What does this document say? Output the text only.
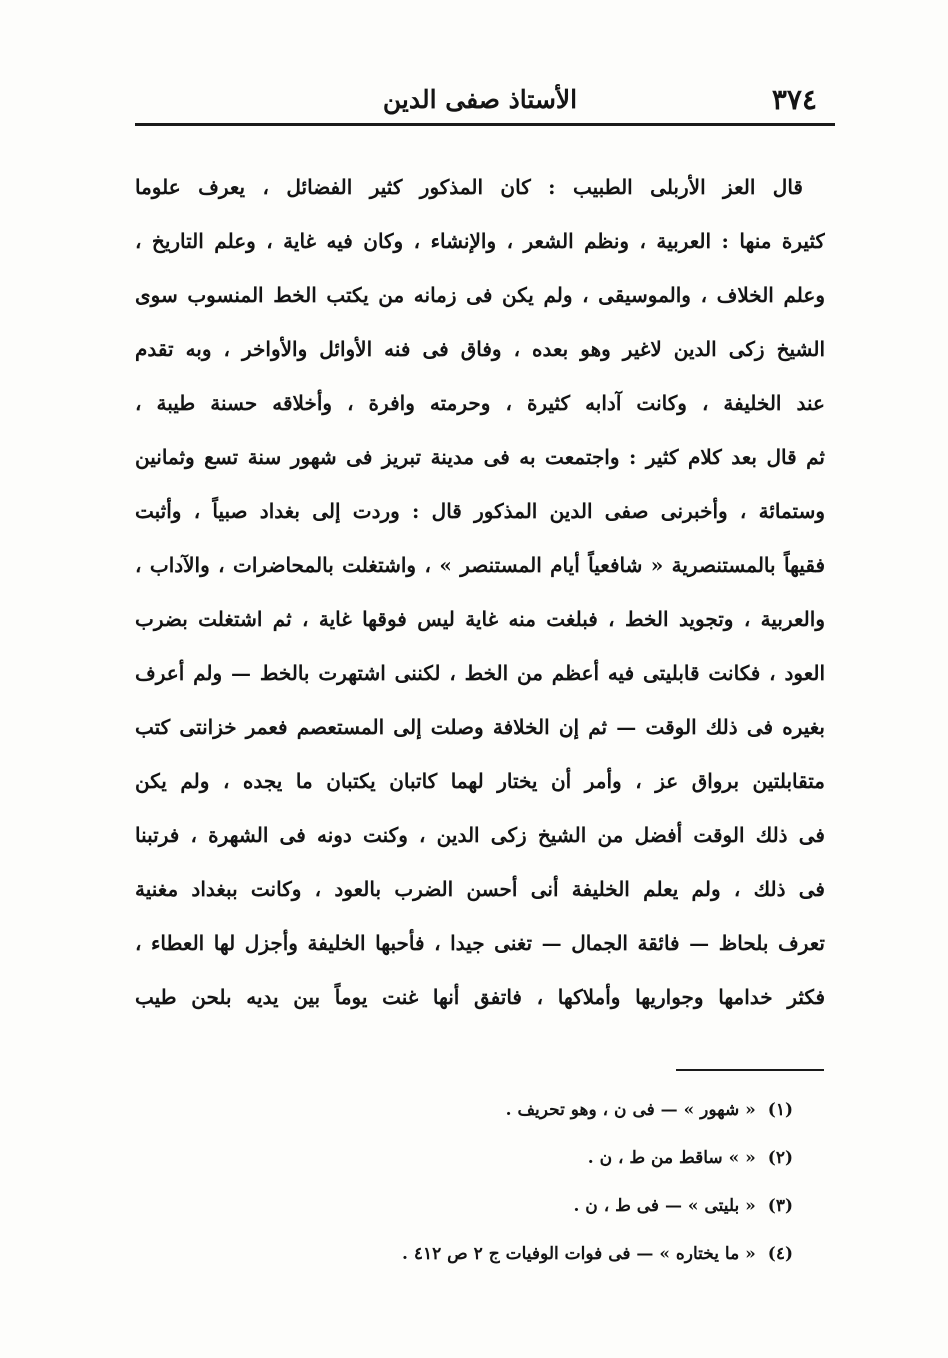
٣٧٤
الأستاذ صفى الدين
قال العز الأربلى الطبيب : كان المذكور كثير الفضائل ، يعرف علوما
كثيرة منها : العربية ، ونظم الشعر ، والإنشاء ، وكان فيه غاية ، وعلم التاريخ ،
وعلم الخلاف ، والموسيقى ، ولم يكن فى زمانه من يكتب الخط المنسوب سوى
الشيخ زكى الدين لاغير وهو بعده ، وفاق فى فنه الأوائل والأواخر ، وبه تقدم
عند الخليفة ، وكانت آدابه كثيرة ، وحرمته وافرة ، وأخلاقه حسنة طيبة ،
ثم قال بعد كلام كثير : واجتمعت به فى مدينة تبريز فى شهور سنة تسع وثمانين
وستمائة ، وأخبرنى صفى الدين المذكور قال : وردت إلى بغداد صبياً ، وأثبت
فقيهاً بالمستنصرية « شافعياً أيام المستنصر » ، واشتغلت بالمحاضرات ، والآداب ،
والعربية ، وتجويد الخط ، فبلغت منه غاية ليس فوقها غاية ، ثم اشتغلت بضرب
العود ، فكانت قابليتى فيه أعظم من الخط ، لكننى اشتهرت بالخط — ولم أعرف
بغيره فى ذلك الوقت — ثم إن الخلافة وصلت إلى المستعصم فعمر خزانتى كتب
متقابلتين برواق عز ، وأمر أن يختار لهما كاتبان يكتبان ما يجده ، ولم يكن
فى ذلك الوقت أفضل من الشيخ زكى الدين ، وكنت دونه فى الشهرة ، فرتبنا
فى ذلك ، ولم يعلم الخليفة أنى أحسن الضرب بالعود ، وكانت ببغداد مغنية
تعرف بلحاظ — فائقة الجمال — تغنى جيدا ، فأحبها الخليفة وأجزل لها العطاء ،
فكثر خدامها وجواريها وأملاكها ، فاتفق أنها غنت يوماً بين يديه بلحن طيب
(١)« شهور » — فى ن ، وهو تحريف .
(٢)« » ساقط من ط ، ن .
(٣)« بليتى » — فى ط ، ن .
(٤)« ما يختاره » — فى فوات الوفيات ج ٢ ص ٤١٢ .
